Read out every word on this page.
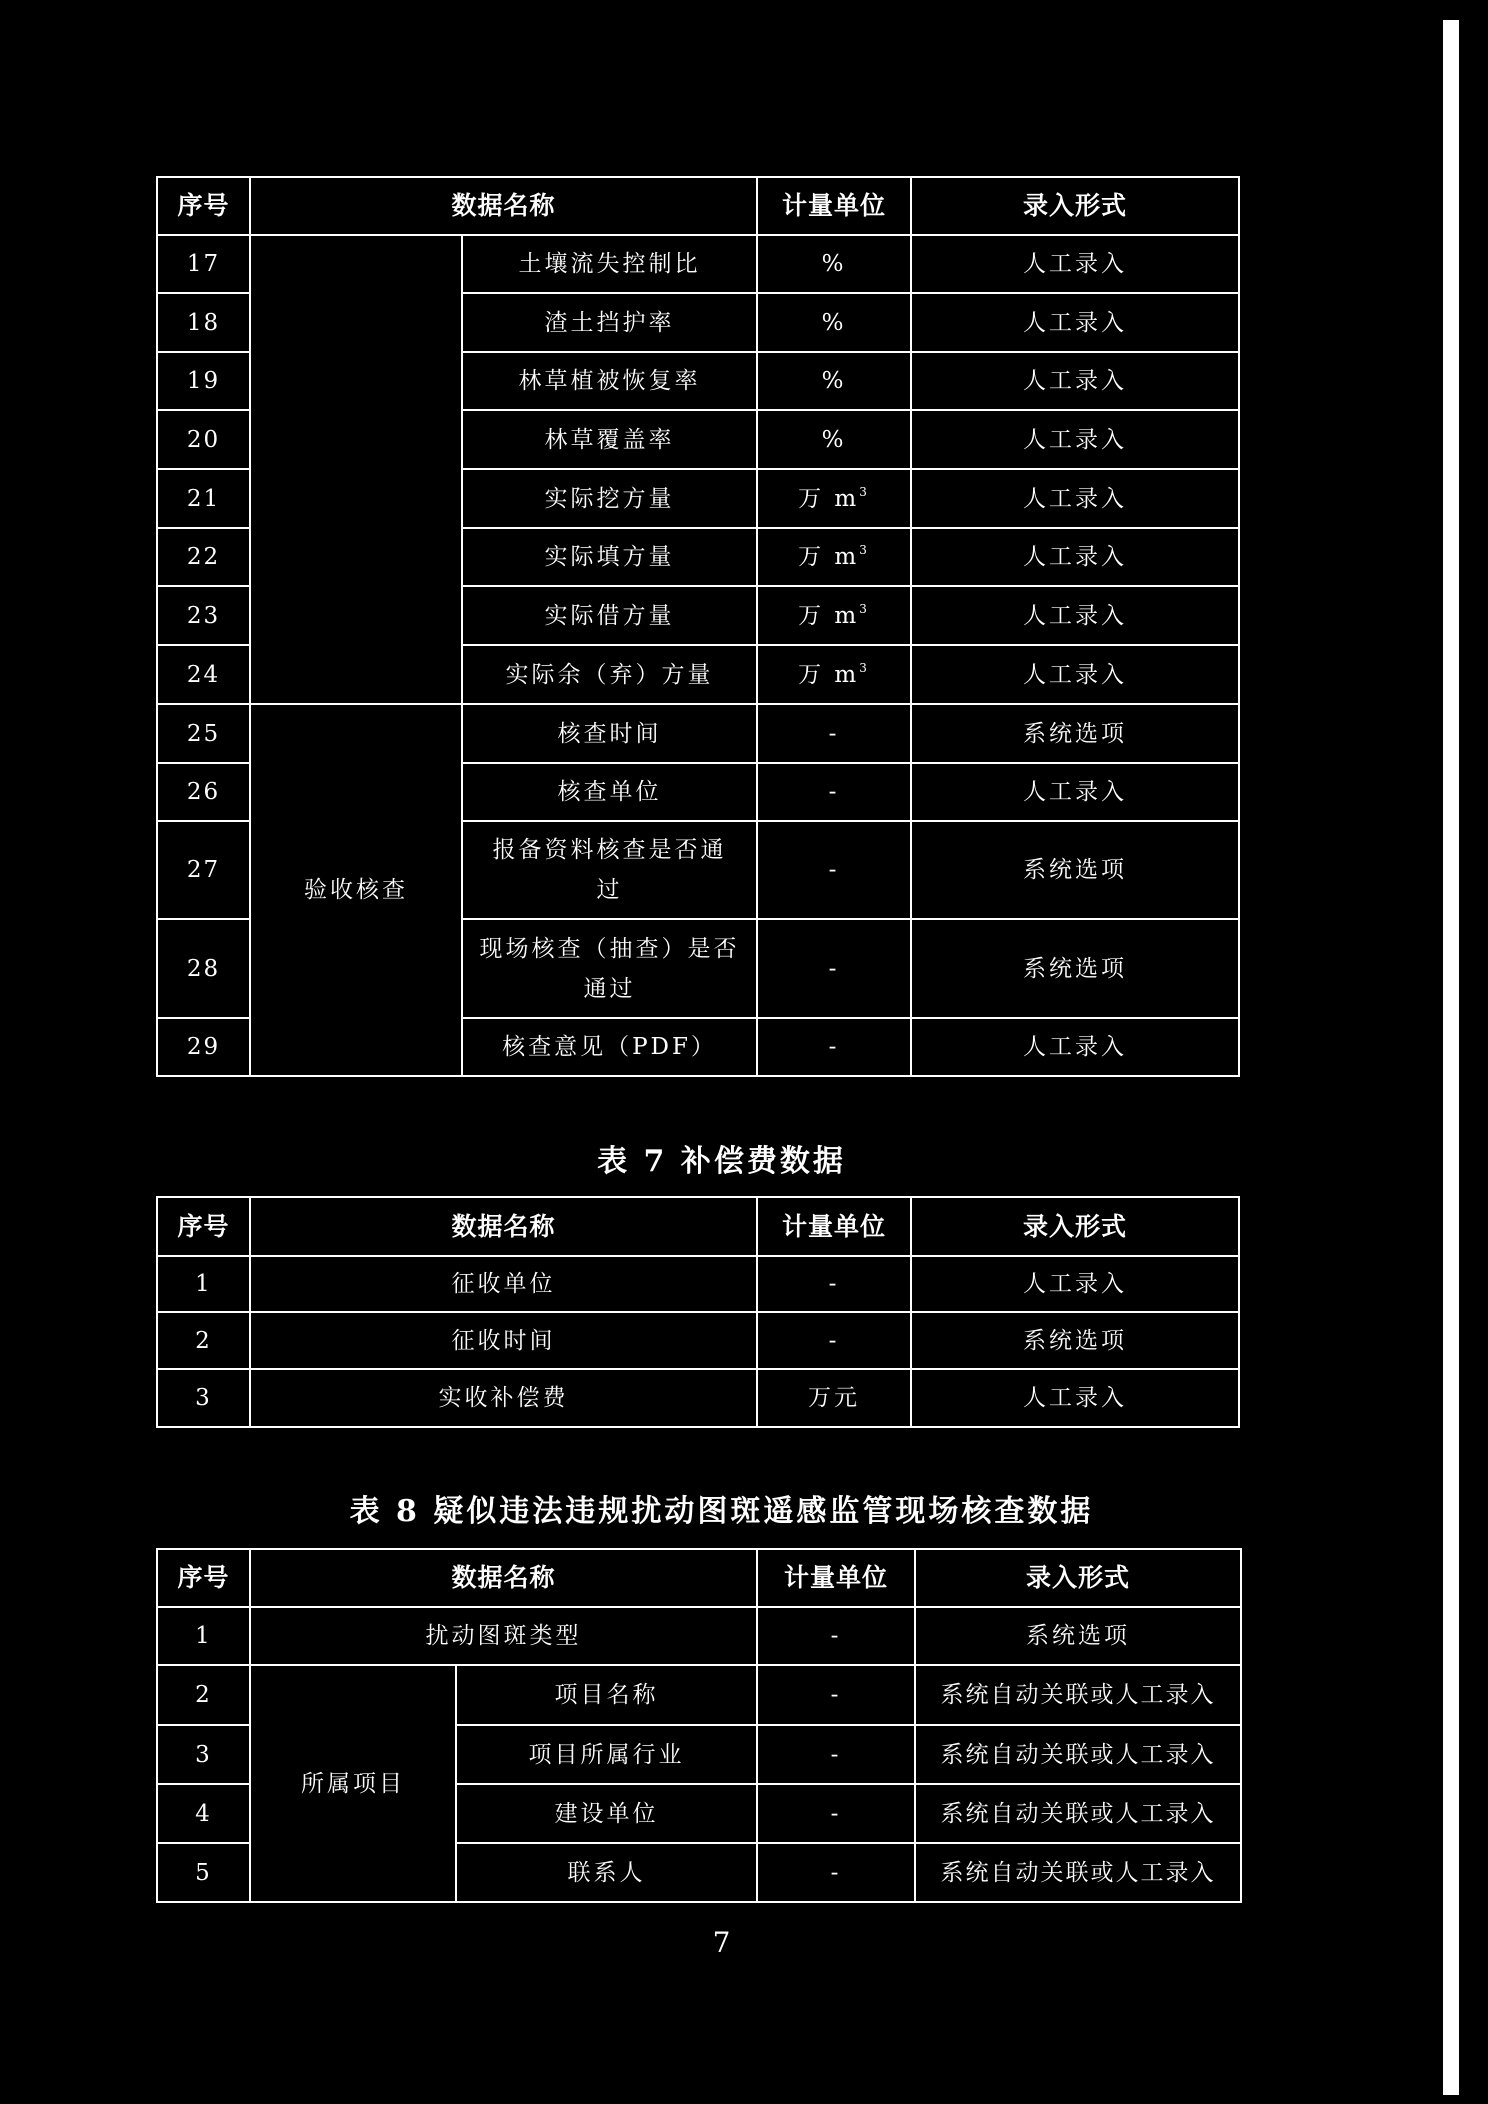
序号	数据名称		计量单位	录入形式
17		土壤流失控制比	%	人工录入
18		渣土挡护率	%	人工录入
19		林草植被恢复率	%	人工录入
20		林草覆盖率	%	人工录入
21		实际挖方量	万 $m^3$	人工录入
22		实际填方量	万 $m^3$	人工录入
23		实际借方量	万 $m^3$	人工录入
24		实际余（弃）方量	万 $m^3$	人工录入
25	验收核查	核查时间	-	系统选项
26		核查单位	-	人工录入
27		报备资料核查是否通过	-	系统选项
28		现场核查（抽查）是否通过	-	系统选项
29		核查意见（PDF）	-	人工录入
表 7 补偿费数据
序号	数据名称	计量单位	录入形式
1	征收单位	-	人工录入
2	征收时间	-	系统选项
3	实收补偿费	万元	人工录入
表 8 疑似违法违规扰动图斑遥感监管现场核查数据
序号	数据名称		计量单位	录入形式
1	扰动图斑类型		-	系统选项
2	所属项目	项目名称	-	系统自动关联或人工录入
3		项目所属行业	-	系统自动关联或人工录入
4		建设单位	-	系统自动关联或人工录入
5		联系人	-	系统自动关联或人工录入
7
